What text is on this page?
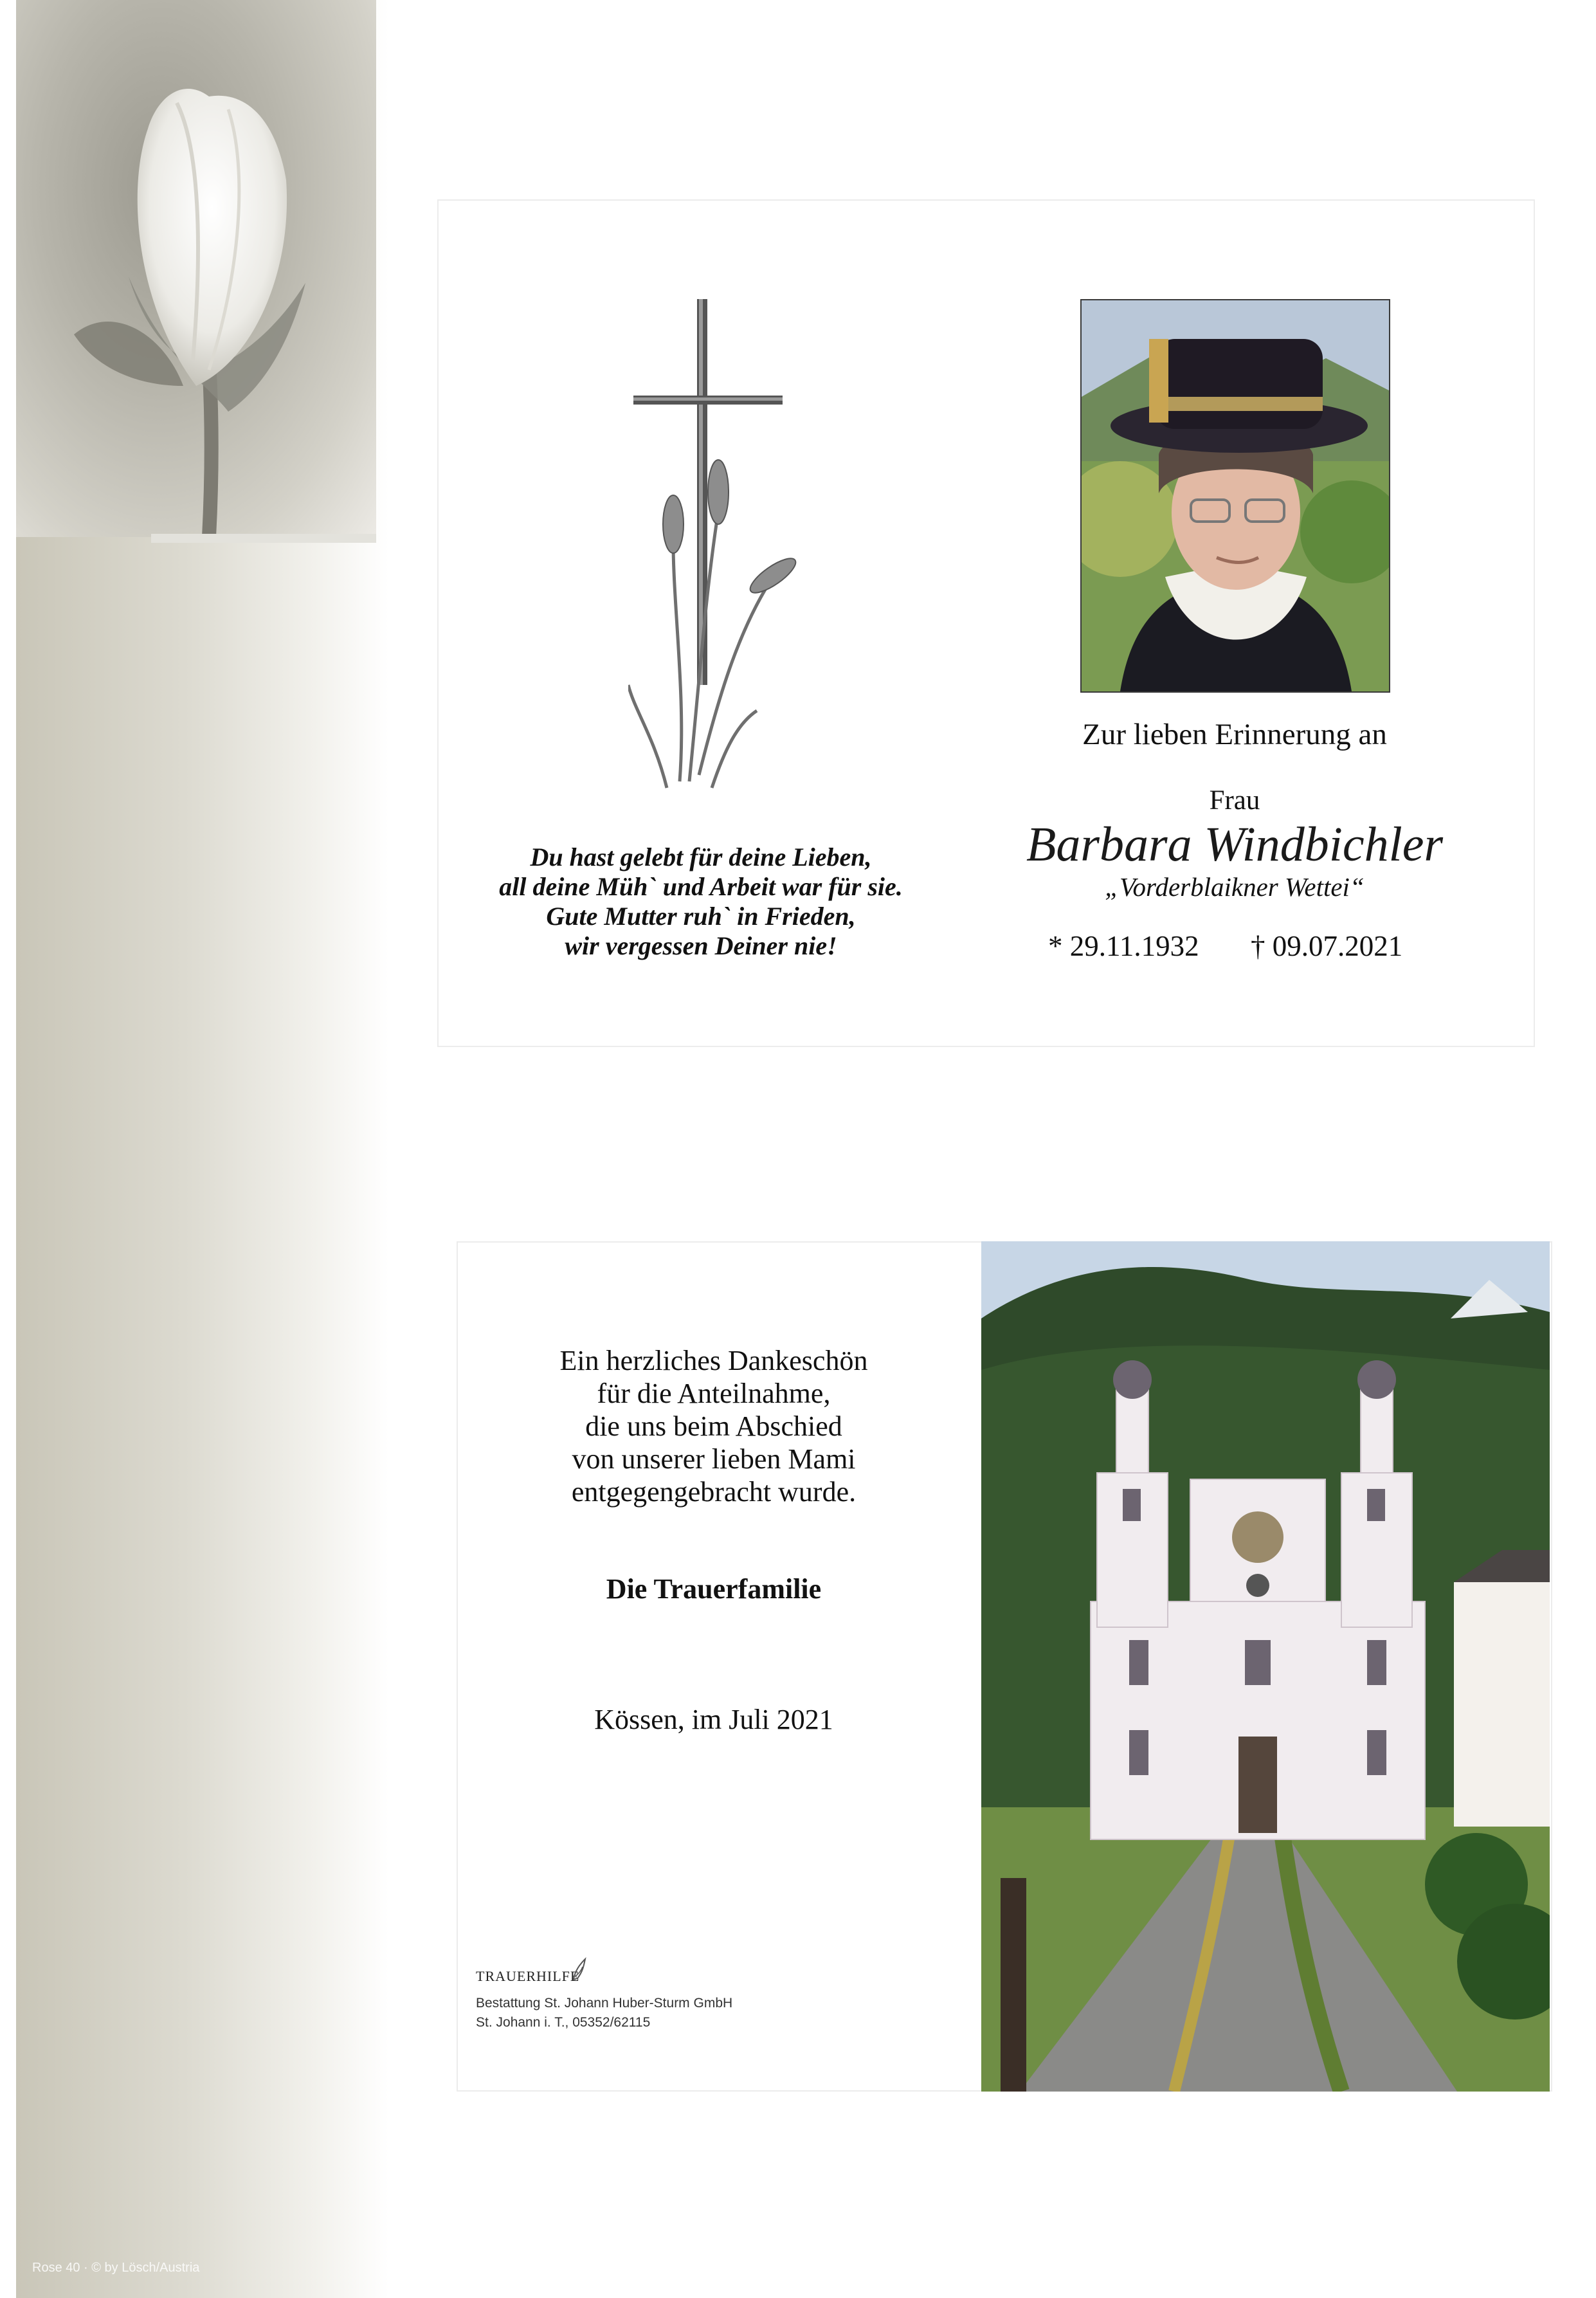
Rose 40 · © by Lösch/Austria
Zur lieben Erinnerung an
Frau
Barbara Windbichler
„Vorderblaikner Wettei“
* 29.11.1932	† 09.07.2021
Du hast gelebt für deine Lieben,
all deine Müh` und Arbeit war für sie.
Gute Mutter ruh` in Frieden,
wir vergessen Deiner nie!
Ein herzliches Dankeschön
für die Anteilnahme,
die uns beim Abschied
von unserer lieben Mami
entgegengebracht wurde.
Die Trauerfamilie
Kössen, im Juli 2021
TRAUERHILFE
Bestattung St. Johann Huber-Sturm GmbH
St. Johann i. T., 05352/62115
